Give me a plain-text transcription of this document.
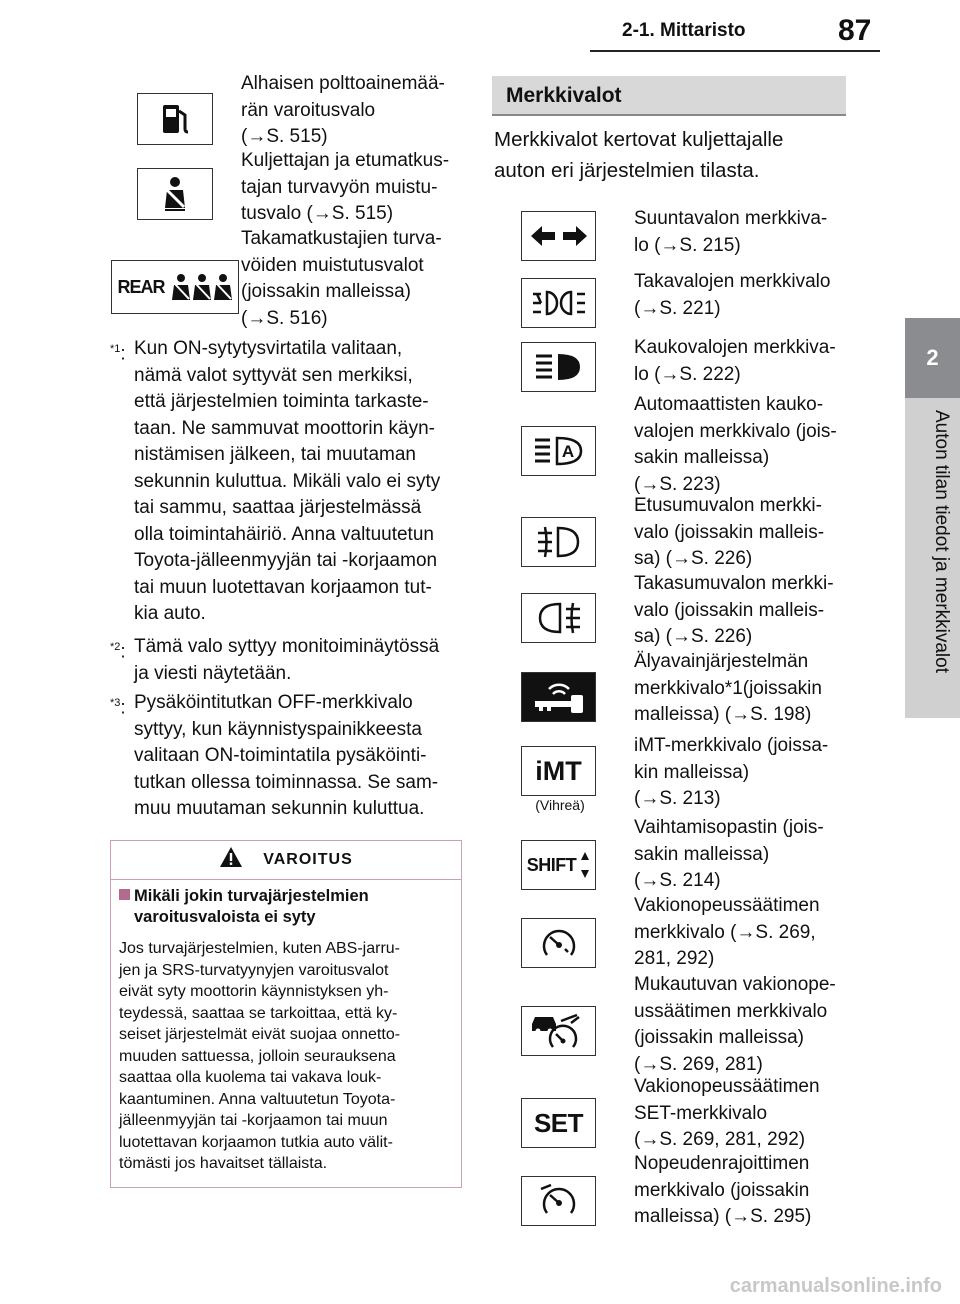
2-1. Mittaristo	87
2
Auton tilan tiedot ja merkkivalot
Alhaisen polttoainemää-
rän varoitusvalo
(→S. 515)
Kuljettajan ja etumatkus-
tajan turvavyön muistu-
tusvalo (→S. 515)
REAR
Takamatkustajien turva-
vöiden muistutusvalot
(joissakin malleissa)
(→S. 516)
$^{*1}$: Kun ON-sytytysvirtatila valitaan,
nämä valot syttyvät sen merkiksi,
että järjestelmien toiminta tarkaste-
taan. Ne sammuvat moottorin käyn-
nistämisen jälkeen, tai muutaman
sekunnin kuluttua. Mikäli valo ei syty
tai sammu, saattaa järjestelmässä
olla toimintahäiriö. Anna valtuutetun
Toyota-jälleenmyyjän tai -korjaamon
tai muun luotettavan korjaamon tut-
kia auto.
$^{*2}$: Tämä valo syttyy monitoiminäytössä
ja viesti näytetään.
$^{*3}$: Pysäköintitutkan OFF-merkkivalo
syttyy, kun käynnistyspainikkeesta
valitaan ON-toimintatila pysäköinti-
tutkan ollessa toiminnassa. Se sam-
muu muutaman sekunnin kuluttua.
VAROITUS
Mikäli jokin turvajärjestelmien
varoitusvaloista ei syty
Jos turvajärjestelmien, kuten ABS-jarru-
jen ja SRS-turvatyynyjen varoitusvalot
eivät syty moottorin käynnistyksen yh-
teydessä, saattaa se tarkoittaa, että ky-
seiset järjestelmät eivät suojaa onnetto-
muuden sattuessa, jolloin seurauksena
saattaa olla kuolema tai vakava louk-
kaantuminen. Anna valtuutetun Toyota-
jälleenmyyjän tai -korjaamon tai muun
luotettavan korjaamon tutkia auto välit-
tömästi jos havaitset tällaista.
Merkkivalot
Merkkivalot kertovat kuljettajalle
auton eri järjestelmien tilasta.
Suuntavalon merkkiva-
lo (→S. 215)
Takavalojen merkkivalo
(→S. 221)
Kaukovalojen merkkiva-
lo (→S. 222)
A
Automaattisten kauko-
valojen merkkivalo (jois-
sakin malleissa)
(→S. 223)
Etusumuvalon merkki-
valo (joissakin malleis-
sa) (→S. 226)
Takasumuvalon merkki-
valo (joissakin malleis-
sa) (→S. 226)
Älyavainjärjestelmän
merkkivalo*1(joissakin
malleissa) (→S. 198)
iMT
(Vihreä)
iMT-merkkivalo (joissa-
kin malleissa)
(→S. 213)
SHIFT
Vaihtamisopastin (jois-
sakin malleissa)
(→S. 214)
Vakionopeussäätimen
merkkivalo (→S. 269,
281, 292)
Mukautuvan vakionope-
ussäätimen merkkivalo
(joissakin malleissa)
(→S. 269, 281)
SET
Vakionopeussäätimen
SET-merkkivalo
(→S. 269, 281, 292)
Nopeudenrajoittimen
merkkivalo (joissakin
malleissa) (→S. 295)
carmanualsonline.info
